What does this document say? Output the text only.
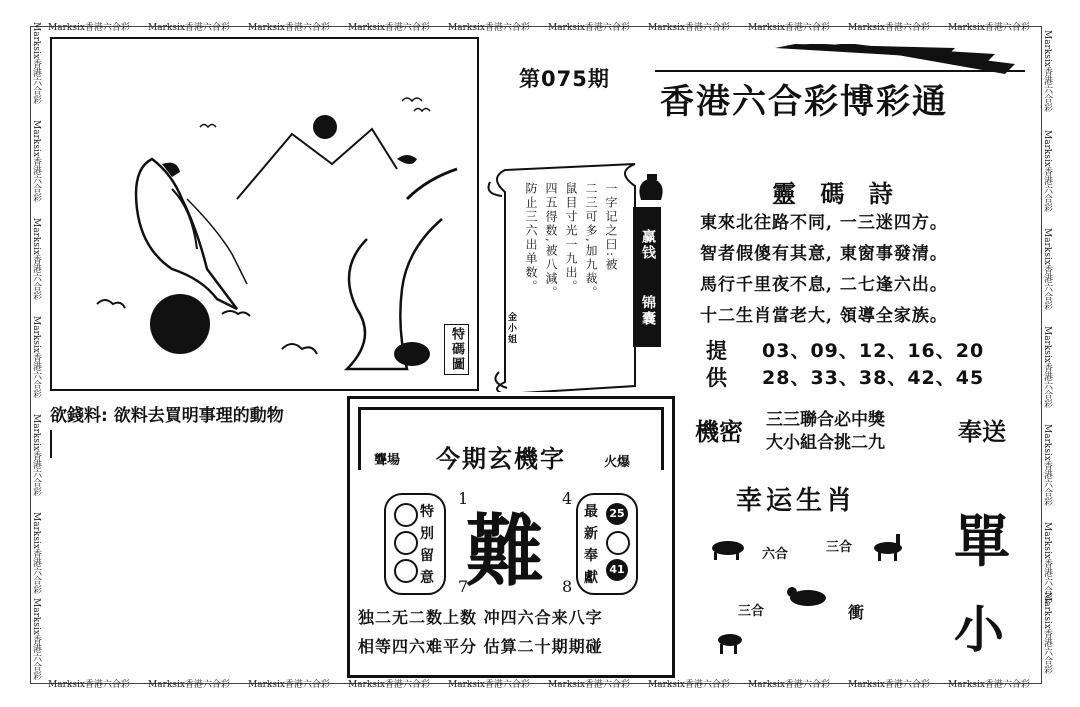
Marksix香港六合彩 Marksix香港六合彩 Marksix香港六合彩 Marksix香港六合彩 Marksix香港六合彩 Marksix香港六合彩 Marksix香港六合彩 Marksix香港六合彩 Marksix香港六合彩 Marksix香港六合彩
Marksix香港六合彩 Marksix香港六合彩 Marksix香港六合彩 Marksix香港六合彩 Marksix香港六合彩 Marksix香港六合彩 Marksix香港六合彩 Marksix香港六合彩 Marksix香港六合彩 Marksix香港六合彩
Marksix香港六合彩
Marksix香港六合彩
Marksix香港六合彩
Marksix香港六合彩
Marksix香港六合彩
Marksix香港六合彩
Marksix香港六合彩
Marksix香港六合彩
Marksix香港六合彩
Marksix香港六合彩
Marksix香港六合彩
Marksix香港六合彩
Marksix香港六合彩
Marksix香港六合彩
特碼圖
欲錢料: 欲料去買明事理的動物
第075期
香港六合彩博彩通
一字记之曰:被
二三可多,加九裁。
鼠目寸光一九出。
四五得数,被八減。
防止三六出单数。
金小姐
赢钱
锦囊
靈 碼 詩
東來北往路不同, 一三迷四方。
智者假傻有其意, 東窗事發清。
馬行千里夜不息, 二七逢六出。
十二生肖當老大, 領導全家族。
提 03、09、12、16、20
供 28、33、38、42、45
機密 三三聯合必中獎
大小組合挑二九	奉送
幸运生肖
六合	三合
三合	衝
單
小
聾場 今期玄機字	火爆
特
別
留
意 難
1	4
7	8
最
新
奉
獻
25
41
独二无二数上数 冲四六合来八字
相等四六难平分 估算二十期期碰
